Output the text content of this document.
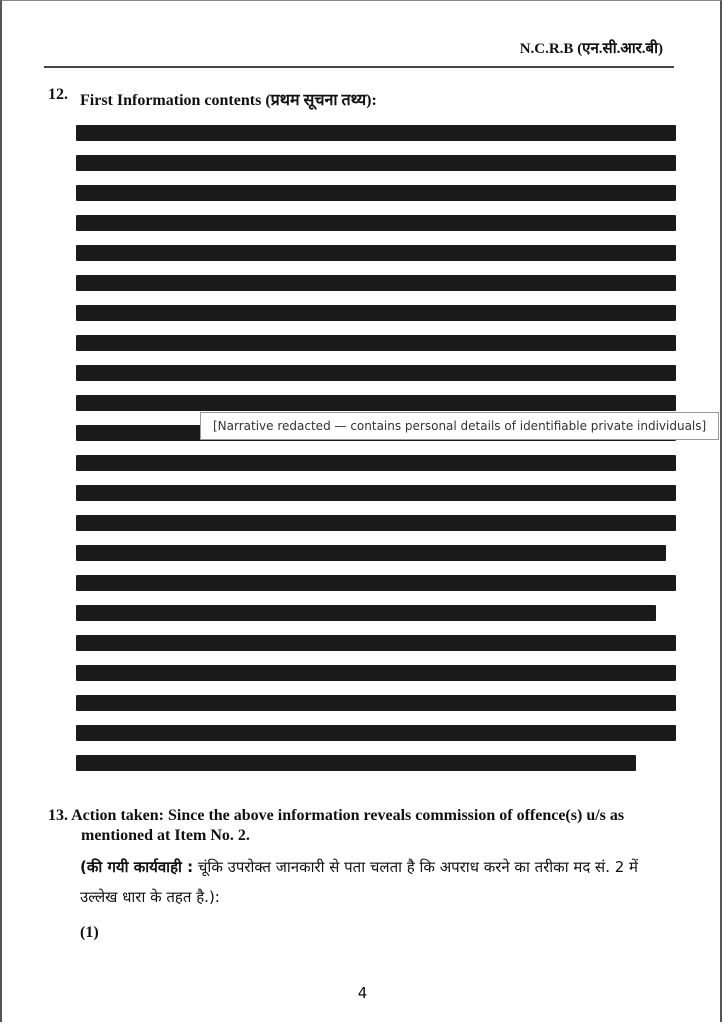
N.C.R.B (एन.सी.आर.बी)
12. First Information contents (प्रथम सूचना तथ्य):
[Narrative redacted — contains personal details of identifiable private individuals]
13. Action taken: Since the above information reveals commission of offence(s) u/s as mentioned at Item No. 2.
(की गयी कार्यवाही : चूंकि उपरोक्त जानकारी से पता चलता है कि अपराध करने का तरीका मद सं. 2 में उल्लेख धारा के तहत है.):
(1)
4
